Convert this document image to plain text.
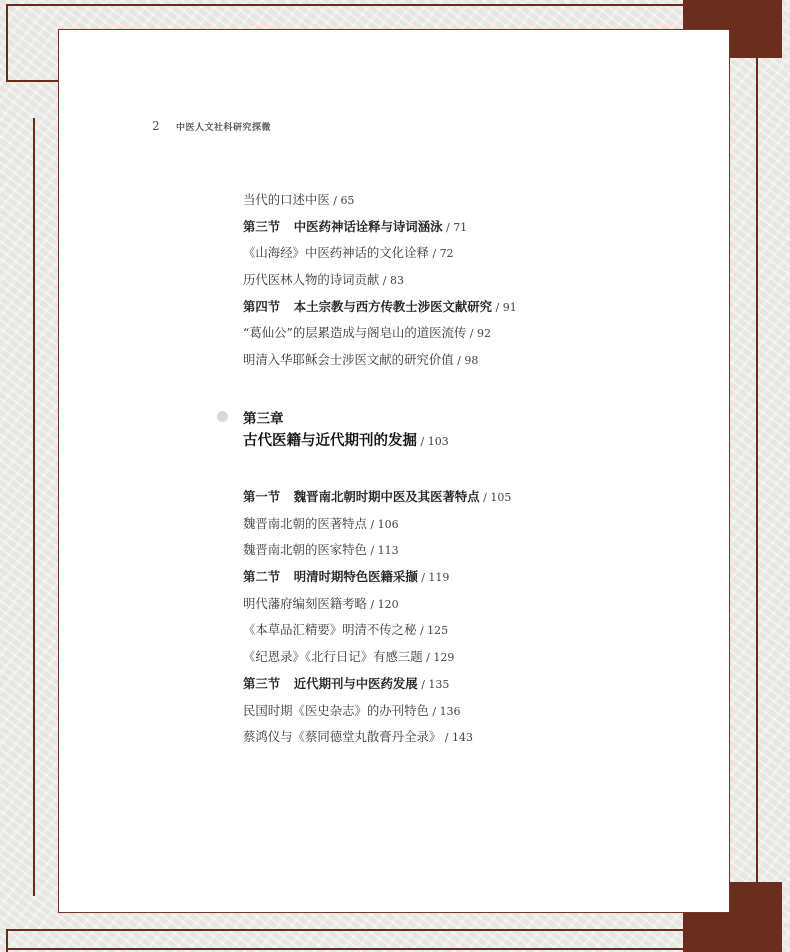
2	中医人文社科研究探微
当代的口述中医 / 65
第三节 中医药神话诠释与诗词涵泳 / 71
《山海经》中医药神话的文化诠释 / 72
历代医林人物的诗词贡献 / 83
第四节 本土宗教与西方传教士涉医文献研究 / 91
“葛仙公”的层累造成与阁皂山的道医流传 / 92
明清入华耶稣会士涉医文献的研究价值 / 98
第三章
古代医籍与近代期刊的发掘 / 103
第一节 魏晋南北朝时期中医及其医著特点 / 105
魏晋南北朝的医著特点 / 106
魏晋南北朝的医家特色 / 113
第二节 明清时期特色医籍采撷 / 119
明代藩府编刻医籍考略 / 120
《本草品汇精要》明清不传之秘 / 125
《纪恩录》《北行日记》有感三题 / 129
第三节 近代期刊与中医药发展 / 135
民国时期《医史杂志》的办刊特色 / 136
蔡鸿仪与《蔡同德堂丸散膏丹全录》 / 143
